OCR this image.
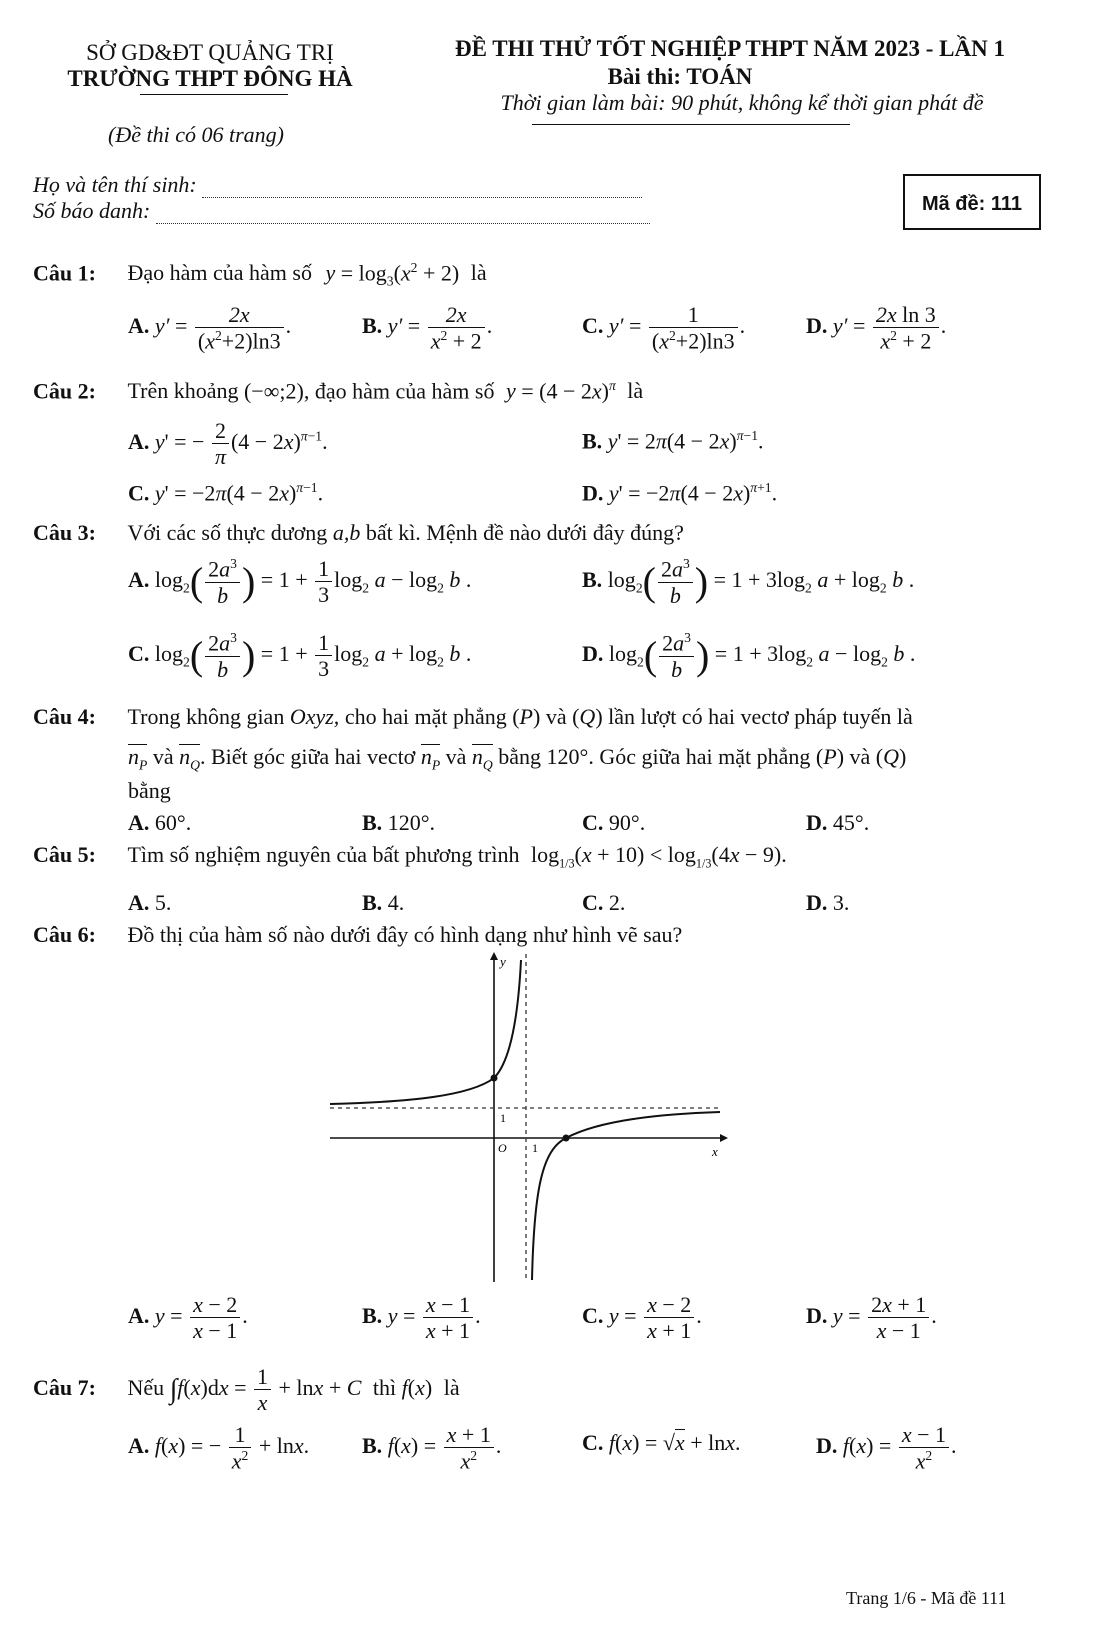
SỞ GD&ĐT QUẢNG TRỊ
TRƯỜNG THPT ĐÔNG HÀ
(Đề thi có 06 trang)
ĐỀ THI THỬ TỐT NGHIỆP THPT NĂM 2023 - LẦN 1
Bài thi: TOÁN
Thời gian làm bài: 90 phút, không kể thời gian phát đề
Họ và tên thí sinh:
Số báo danh:	Mã đề: 111
Câu 1: Đạo hàm của hàm số $y = \log_3(x^2 + 2)$ là
A. $y' = \frac{2x}{(x^2+2)\ln 3}$ .	B. $y' = \frac{2x}{x^2 + 2}$ .	C. $y' = \frac{1}{(x^2+2)\ln 3}$ .	D. $y' = \frac{\text{2x ln 3}}{x^2 + 2}$ .
Câu 2: Trên khoảng (−∞;2), đạo hàm của hàm số $y = (4 - 2x)^\pi$ là
A. y' = − $\frac{2}{\pi} (4 - 2x)^{\pi-1}$.	B. $y' = 2\pi(4 - 2x)^{\pi-1}$.
C. $y' = -2\pi(4 - 2x)^{\pi-1}$.	D. $y' = -2\pi(4 - 2x)^{\pi+1}$.
Câu 3: Với các số thực dương a,b bất kì. Mệnh đề nào dưới đây đúng?
A. $\log_2( \frac{2a^3}{b}$ ) = $1 + \frac{1}{3} \log_2 a - \log_2 b$ .	B. $\log_2( \frac{2a^3}{b}$ ) = $1 + 3\log_2$ $a + \log_2 b$ .
C. $\log_2( \frac{2a^3}{b}$ ) = $1 + \frac{1}{3} \log_2 a + \log_2 b$ .	D. $\log_2( \frac{2a^3}{b}$ ) = $1 + 3\log_2$ $a - \log_2 b$ .
Câu 4: Trong không gian Oxyz, cho hai mặt phẳng (P) và (Q) lần lượt có hai vectơ pháp tuyến là
$n_P$ và $n_Q$. Biết góc giữa hai vectơ $n_P$ và $n_Q$ bằng 120°. Góc giữa hai mặt phẳng (P) và (Q)
bằng
A. 60°.	B. 120°.	C. 90°.	D. 45°.
Câu 5: Tìm số nghiệm nguyên của bất phương trình $\log_{1/3}(x + 10) < \log_{1/3}(4x - 9)$.
A. 5.	B. 4.	C. 2.	D. 3.
Câu 6: Đồ thị của hàm số nào dưới đây có hình dạng như hình vẽ sau?
y
x
O 1
1
A. $y = \frac{x - 2}{x - 1}$ .	B. $y = \frac{x - 1}{x + 1}$ .	C. $y = \frac{x - 2}{x + 1}$ .	D. $y = \frac{2x + 1}{x - 1}$ .
Câu 7: Nếu $\int f(x)dx = \frac{1}{x} + \ln x + C$ thì f(x) là
A. f(x) = − $\frac{1}{x^2} + \ln x$. B. $f(x) = \frac{x + 1}{x^2}$ .	C. f(x) = √x + lnx.	D. $f(x) = \frac{x - 1}{x^2}$ .
Trang 1/6 - Mã đề 111
